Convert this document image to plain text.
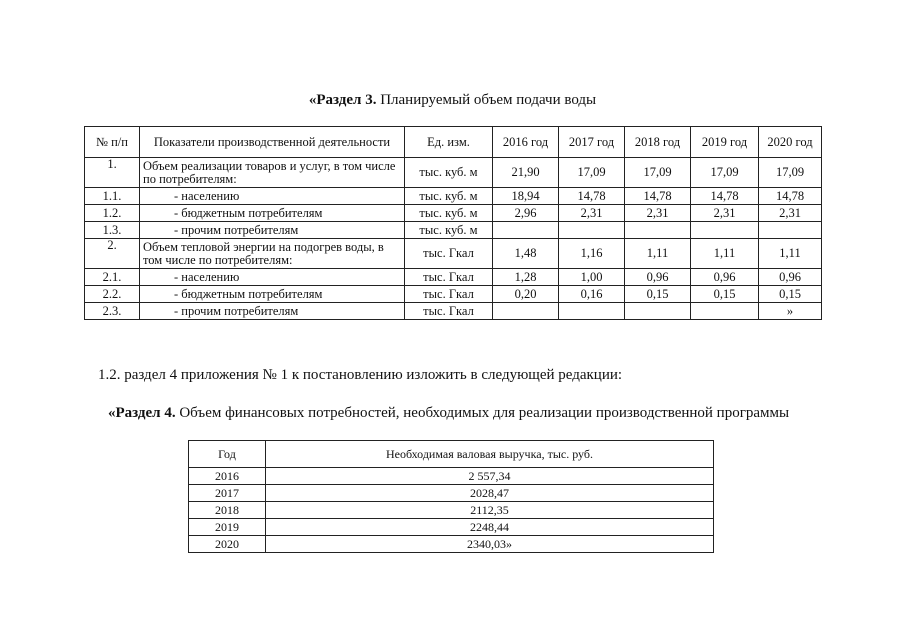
«Раздел 3. Планируемый объем подачи воды
№ п/п	Показатели производственной деятельности	Ед. изм.	2016 год	2017 год	2018 год	2019 год	2020 год
1.	Объем реализации товаров и услуг, в том числе по потребителям:	тыс. куб. м	21,90	17,09	17,09	17,09	17,09
1.1.	- населению	тыс. куб. м	18,94	14,78	14,78	14,78	14,78
1.2.	- бюджетным потребителям	тыс. куб. м	2,96	2,31	2,31	2,31	2,31
1.3.	- прочим потребителям	тыс. куб. м					
2.	Объем тепловой энергии на подогрев воды, в том числе по потребителям:	тыс. Гкал	1,48	1,16	1,11	1,11	1,11
2.1.	- населению	тыс. Гкал	1,28	1,00	0,96	0,96	0,96
2.2.	- бюджетным потребителям	тыс. Гкал	0,20	0,16	0,15	0,15	0,15
2.3.	- прочим потребителям	тыс. Гкал					»
1.2. раздел 4 приложения № 1 к постановлению изложить в следующей редакции:
«Раздел 4. Объем финансовых потребностей, необходимых для реализации производственной программы
Год	Необходимая валовая выручка, тыс. руб.
2016	2 557,34
2017	2028,47
2018	2112,35
2019	2248,44
2020	2340,03»
